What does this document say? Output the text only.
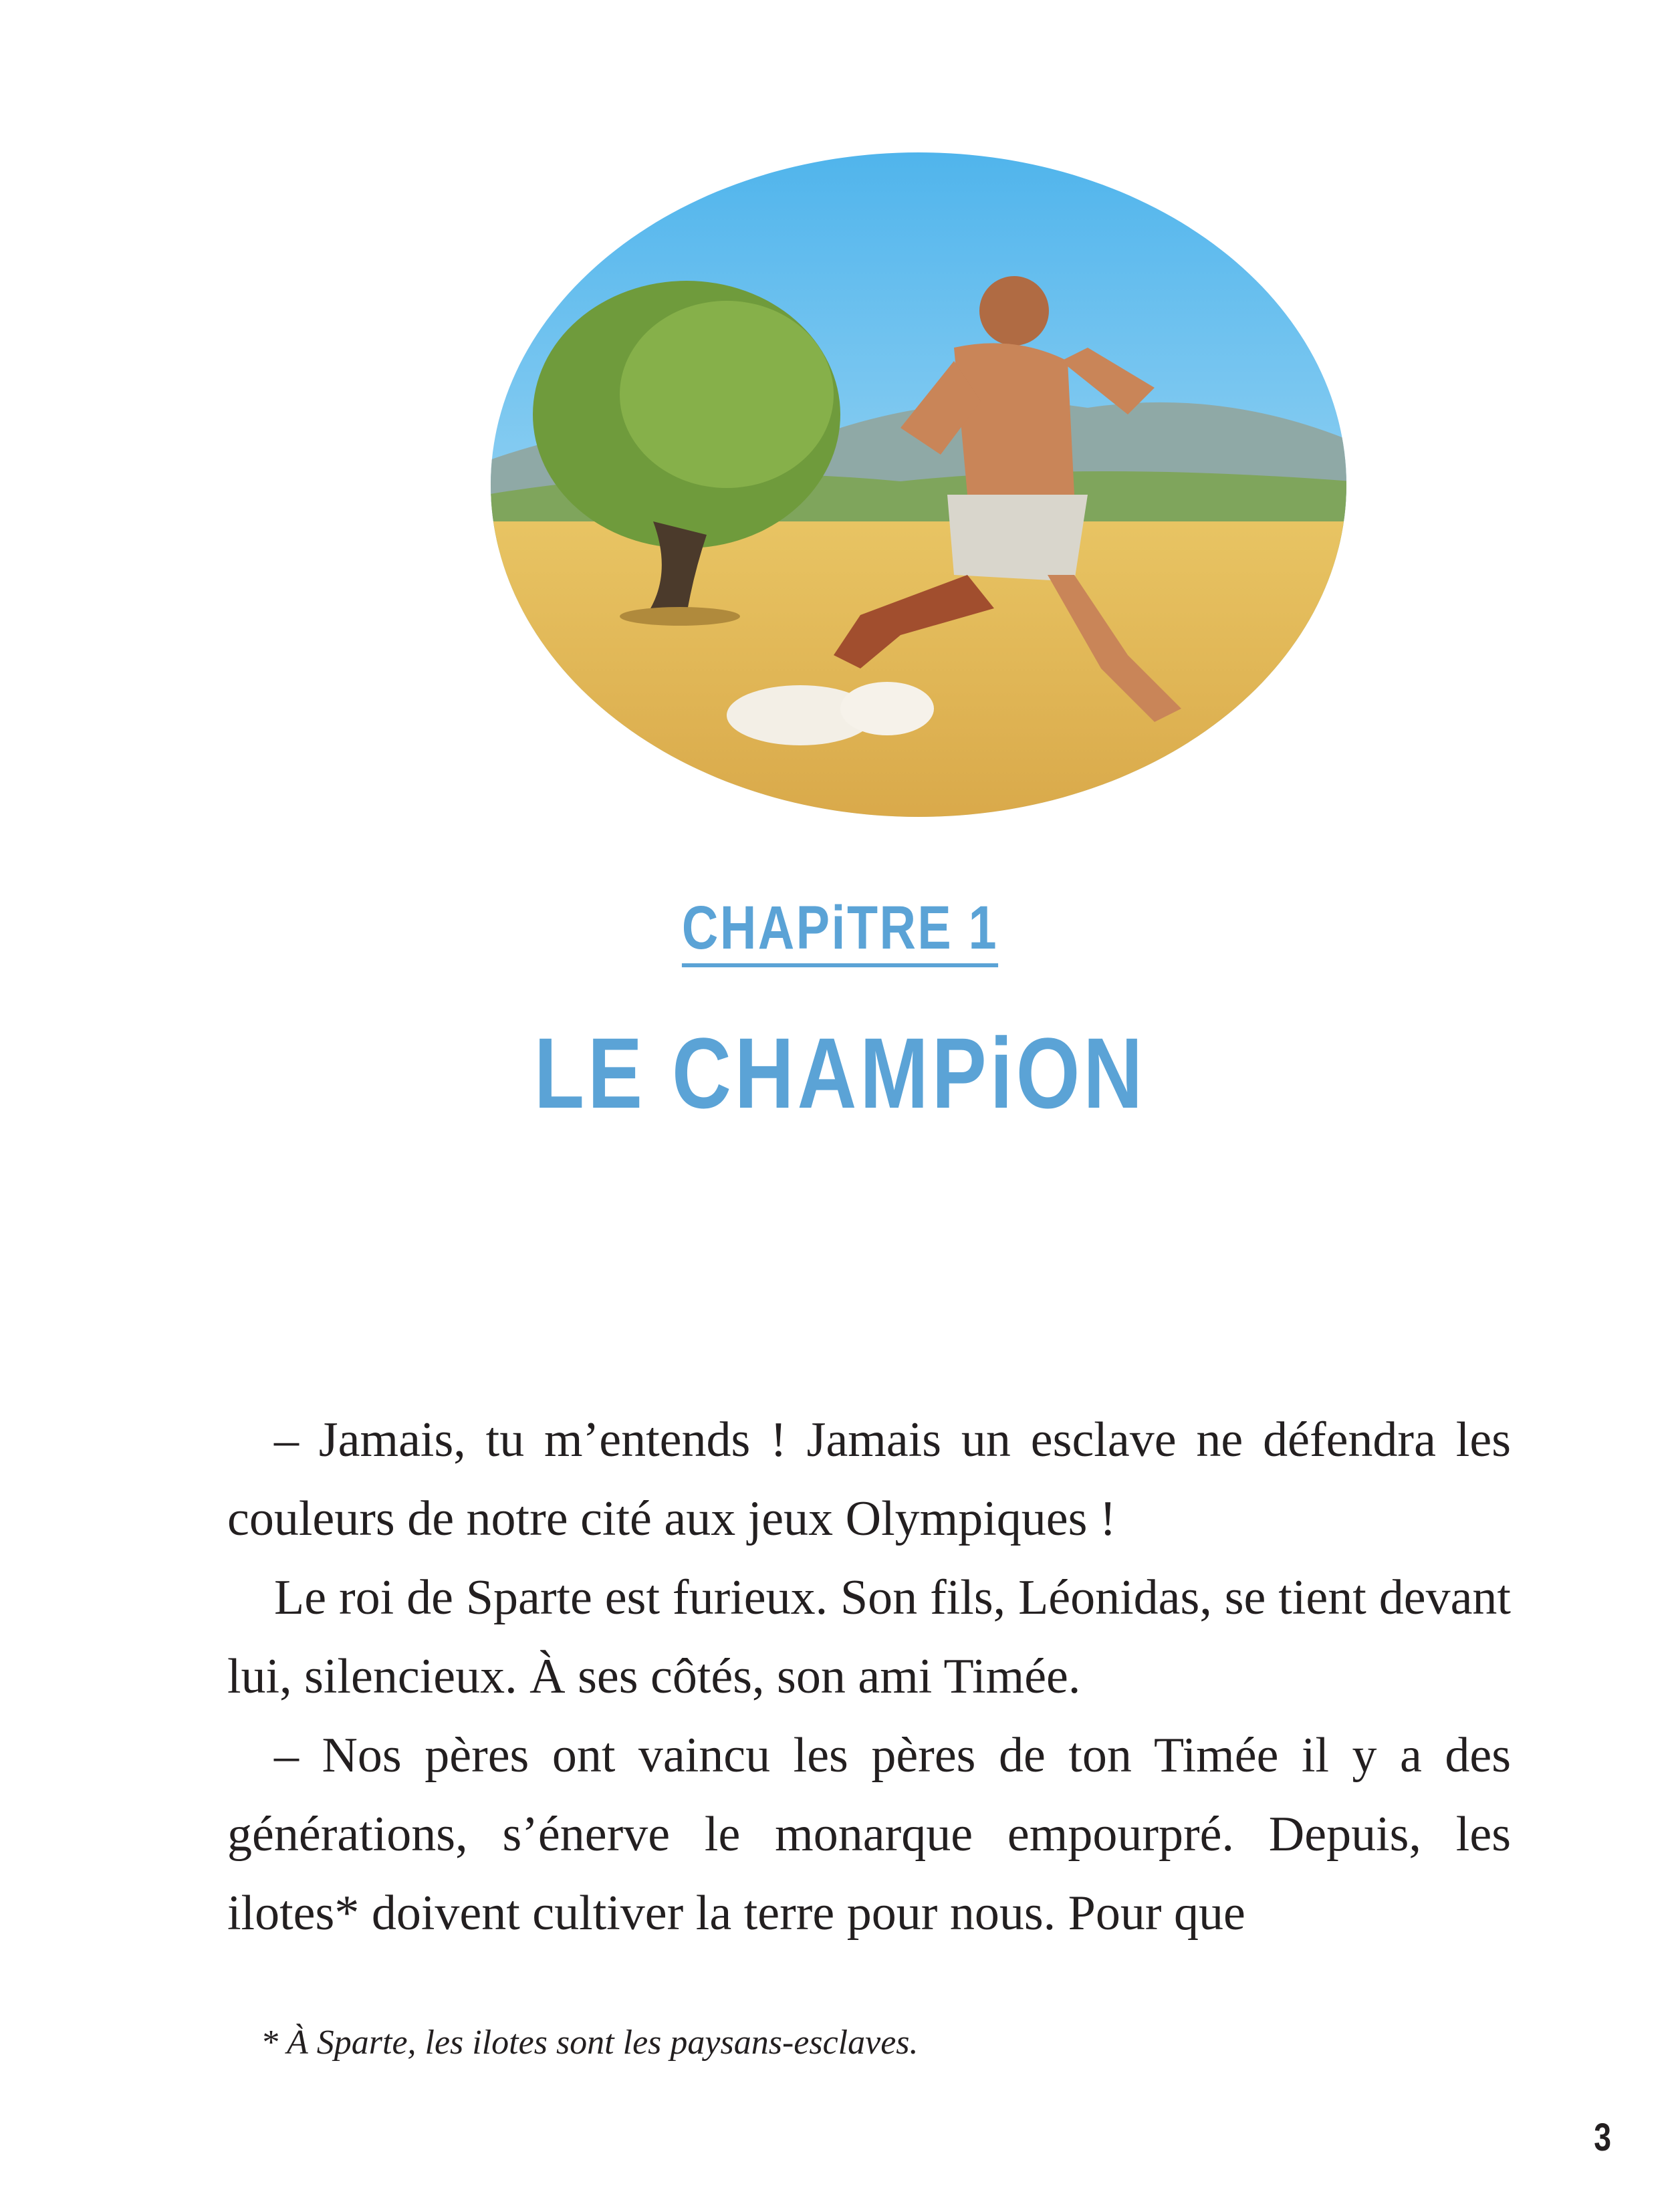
CHAPiTRE 1
LE CHAMPiON

– Jamais, tu m’entends ! Jamais un esclave ne défendra les couleurs de notre cité aux jeux Olympiques !

Le roi de Sparte est furieux. Son fils, Léonidas, se tient devant lui, silencieux. À ses côtés, son ami Timée.

– Nos pères ont vaincu les pères de ton Timée il y a des générations, s’énerve le monarque empourpré. Depuis, les ilotes* doivent cultiver la terre pour nous. Pour que

* À Sparte, les ilotes sont les paysans-esclaves.
3
